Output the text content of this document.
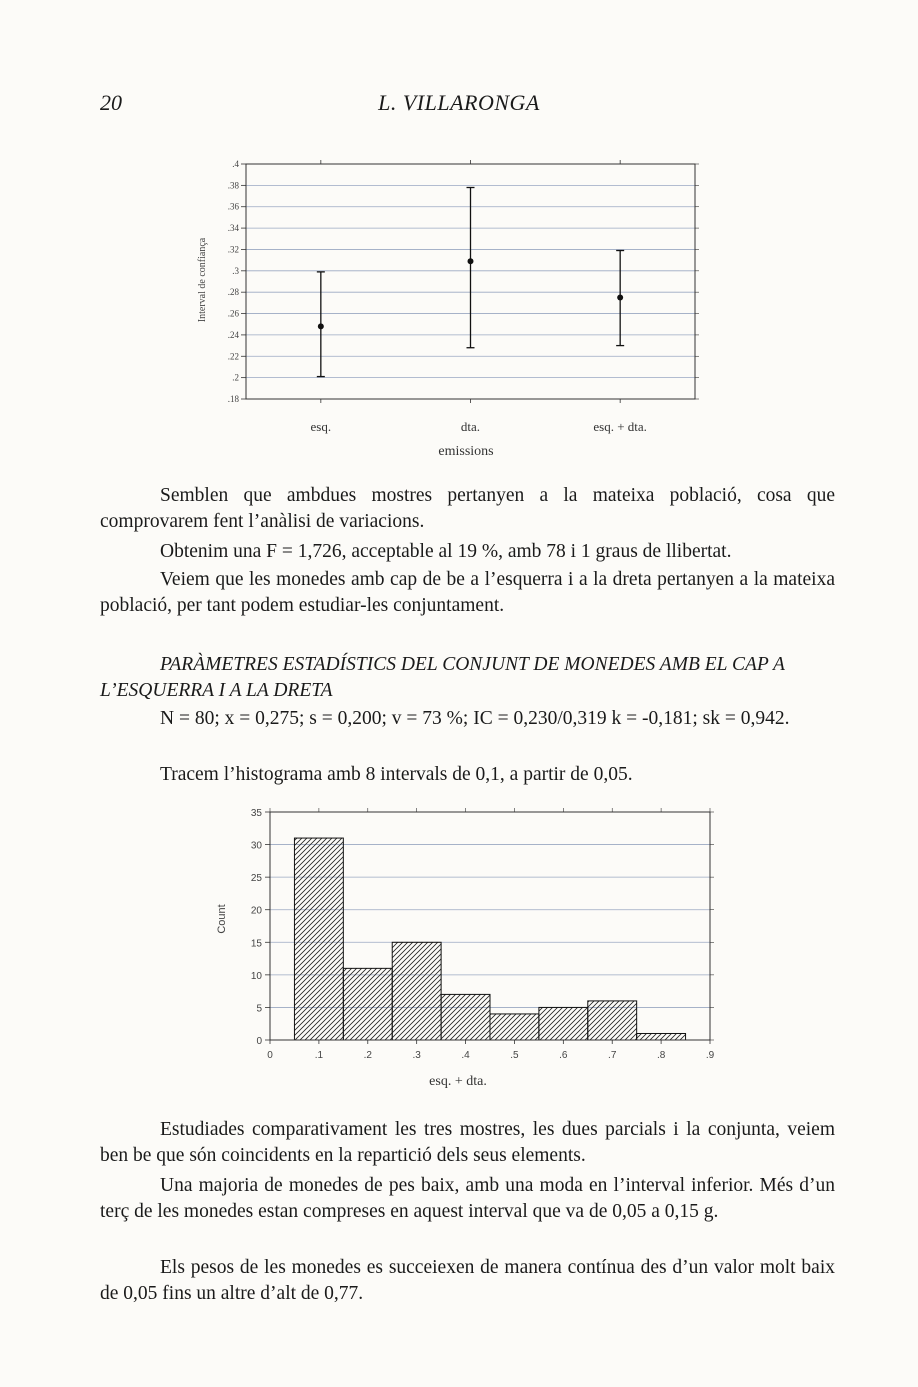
20	L. VILLARONGA
.4
.38
.36
.34
.32
.3
.28
.26
.24
.22
.2
.18
esq.	dta.	esq. + dta.
Interval de confiança
emissions

Semblen que ambdues mostres pertanyen a la mateixa població, cosa que comprovarem fent l’anàlisi de variacions.

Obtenim una F = 1,726, acceptable al 19 %, amb 78 i 1 graus de llibertat.

Veiem que les monedes amb cap de be a l’esquerra i a la dreta pertanyen a la mateixa població, per tant podem estudiar-les conjuntament.

PARÀMETRES ESTADÍSTICS DEL CONJUNT DE MONEDES AMB EL CAP A L’ESQUERRA I A LA DRETA

N = 80; x = 0,275; s = 0,200; v = 73 %; IC = 0,230/0,319 k = -0,181; sk = 0,942.

Tracem l’histograma amb 8 intervals de 0,1, a partir de 0,05.

35
30
25
20
15
10
5
0
0	.1	.2	.3	.4	.5	.6	.7	.8	.9
Count
esq. + dta.

Estudiades comparativament les tres mostres, les dues parcials i la conjunta, veiem ben be que són coincidents en la repartició dels seus elements.

Una majoria de monedes de pes baix, amb una moda en l’interval inferior. Més d’un terç de les monedes estan compreses en aquest interval que va de 0,05 a 0,15 g.

Els pesos de les monedes es succeiexen de manera contínua des d’un valor molt baix de 0,05 fins un altre d’alt de 0,77.
